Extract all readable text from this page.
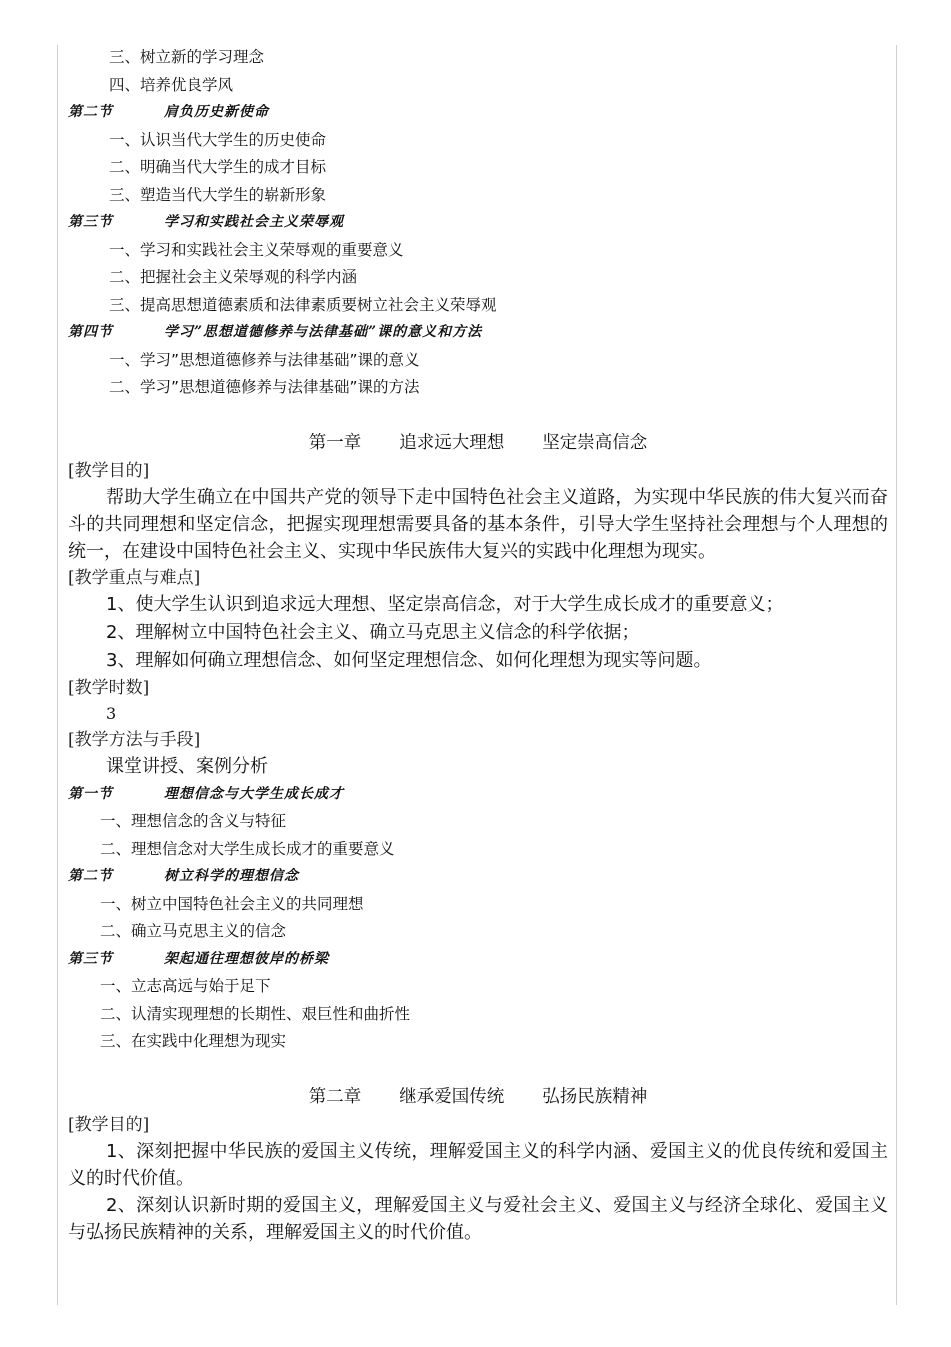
三、树立新的学习理念
四、培养优良学风
第二节	肩负历史新使命
一、认识当代大学生的历史使命
二、明确当代大学生的成才目标
三、塑造当代大学生的崭新形象
第三节	学习和实践社会主义荣辱观
一、学习和实践社会主义荣辱观的重要意义
二、把握社会主义荣辱观的科学内涵
三、提高思想道德素质和法律素质要树立社会主义荣辱观
第四节	学习”思想道德修养与法律基础”课的意义和方法
一、学习”思想道德修养与法律基础”课的意义
二、学习”思想道德修养与法律基础”课的方法
第一章 追求远大理想 坚定崇高信念
[教学目的]
帮助大学生确立在中国共产党的领导下走中国特色社会主义道路，为实现中华民族的伟大复兴而奋斗的共同理想和坚定信念，把握实现理想需要具备的基本条件，引导大学生坚持社会理想与个人理想的统一，在建设中国特色社会主义、实现中华民族伟大复兴的实践中化理想为现实。
[教学重点与难点]
1、使大学生认识到追求远大理想、坚定崇高信念，对于大学生成长成才的重要意义；
2、理解树立中国特色社会主义、确立马克思主义信念的科学依据；
3、理解如何确立理想信念、如何坚定理想信念、如何化理想为现实等问题。
[教学时数]
3
[教学方法与手段]
课堂讲授、案例分析
第一节	理想信念与大学生成长成才
一、理想信念的含义与特征
二、理想信念对大学生成长成才的重要意义
第二节	树立科学的理想信念
一、树立中国特色社会主义的共同理想
二、确立马克思主义的信念
第三节	架起通往理想彼岸的桥梁
一、立志高远与始于足下
二、认清实现理想的长期性、艰巨性和曲折性
三、在实践中化理想为现实
第二章 继承爱国传统 弘扬民族精神
[教学目的]
1、深刻把握中华民族的爱国主义传统，理解爱国主义的科学内涵、爱国主义的优良传统和爱国主义的时代价值。
2、深刻认识新时期的爱国主义，理解爱国主义与爱社会主义、爱国主义与经济全球化、爱国主义与弘扬民族精神的关系，理解爱国主义的时代价值。
